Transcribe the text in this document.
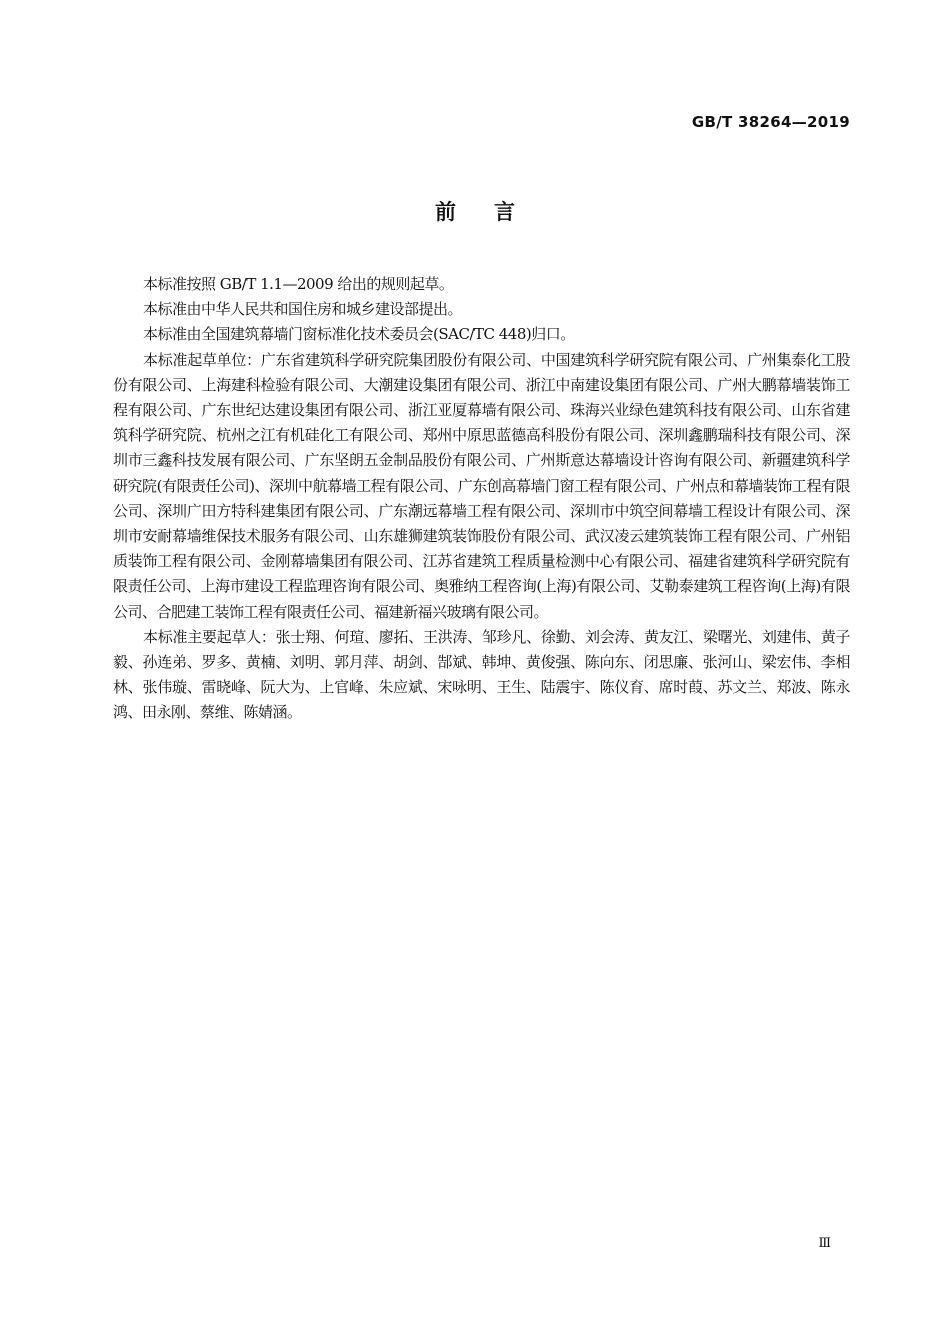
GB/T 38264—2019
前言

本标准按照 GB/T 1.1—2009 给出的规则起草。

本标准由中华人民共和国住房和城乡建设部提出。

本标准由全国建筑幕墙门窗标准化技术委员会(SAC/TC 448)归口。

本标准起草单位：广东省建筑科学研究院集团股份有限公司、中国建筑科学研究院有限公司、广州集泰化工股份有限公司、上海建科检验有限公司、大潮建设集团有限公司、浙江中南建设集团有限公司、广州大鹏幕墙装饰工程有限公司、广东世纪达建设集团有限公司、浙江亚厦幕墙有限公司、珠海兴业绿色建筑科技有限公司、山东省建筑科学研究院、杭州之江有机硅化工有限公司、郑州中原思蓝德高科股份有限公司、深圳鑫鹏瑞科技有限公司、深圳市三鑫科技发展有限公司、广东坚朗五金制品股份有限公司、广州斯意达幕墙设计咨询有限公司、新疆建筑科学研究院(有限责任公司)、深圳中航幕墙工程有限公司、广东创高幕墙门窗工程有限公司、广州点和幕墙装饰工程有限公司、深圳广田方特科建集团有限公司、广东潮远幕墙工程有限公司、深圳市中筑空间幕墙工程设计有限公司、深圳市安耐幕墙维保技术服务有限公司、山东雄狮建筑装饰股份有限公司、武汉凌云建筑装饰工程有限公司、广州铝质装饰工程有限公司、金刚幕墙集团有限公司、江苏省建筑工程质量检测中心有限公司、福建省建筑科学研究院有限责任公司、上海市建设工程监理咨询有限公司、奥雅纳工程咨询(上海)有限公司、艾勒泰建筑工程咨询(上海)有限公司、合肥建工装饰工程有限责任公司、福建新福兴玻璃有限公司。

本标准主要起草人：张士翔、何瑄、廖拓、王洪涛、邹珍凡、徐勤、刘会涛、黄友江、梁曙光、刘建伟、黄子毅、孙连弟、罗多、黄楠、刘明、郭月萍、胡剑、郜斌、韩坤、黄俊强、陈向东、闭思廉、张河山、梁宏伟、李相林、张伟璇、雷晓峰、阮大为、上官峰、朱应斌、宋咏明、王生、陆震宇、陈仪育、席时葭、苏文兰、郑波、陈永鸿、田永刚、蔡维、陈婧涵。

Ⅲ
